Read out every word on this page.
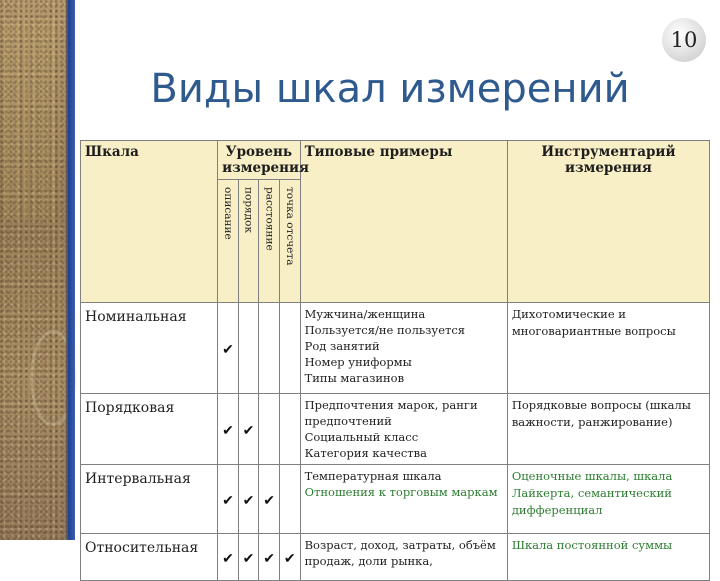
10
Виды шкал измерений
Шкала	Уровень измерения				Типовые примеры	Инструментарий измерения

	описание	порядок	расстояние	точка отсчета		

Номинальная	✔				Мужчина/женщина
Пользуется/не пользуется
Род занятий
Номер униформы
Типы магазинов	Дихотомические и многовариантные вопросы

Порядковая	✔	✔			Предпочтения марок, ранги предпочтений
Социальный класс
Категория качества	Порядковые вопросы (шкалы важности, ранжирование)

Интервальная	✔	✔	✔		Температурная шкала
Отношения к торговым маркам	Оценочные шкалы, шкала Лайкерта, семантический дифференциал

Относительная	✔	✔	✔	✔	Возраст, доход, затраты, объём продаж, доли рынка,	Шкала постоянной суммы
